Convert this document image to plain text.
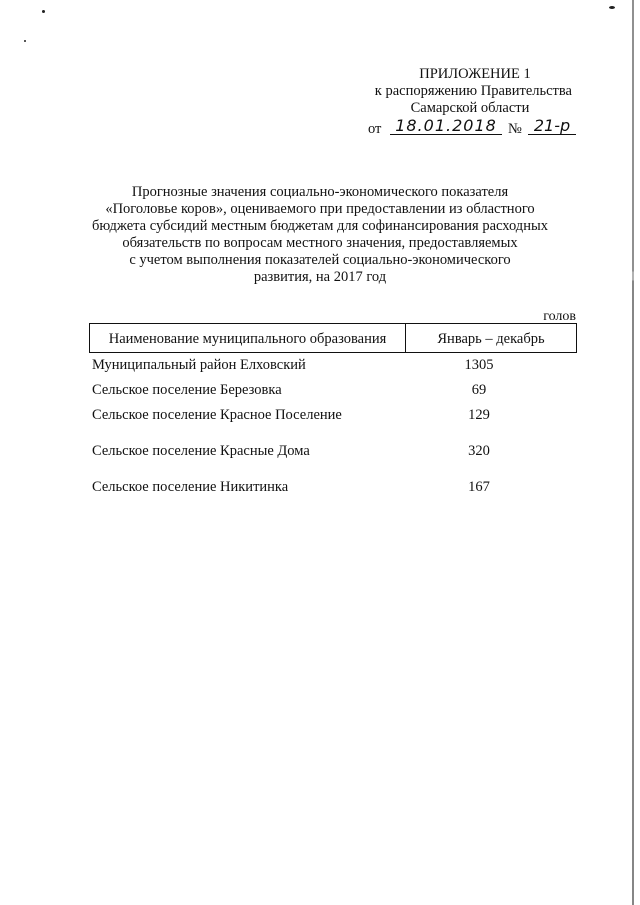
ПРИЛОЖЕНИЕ 1
к распоряжению Правительства
Самарской области
от 18.01.2018 № 21-р
Прогнозные значения социально-экономического показателя
«Поголовье коров», оцениваемого при предоставлении из областного
бюджета субсидий местным бюджетам для софинансирования расходных
обязательств по вопросам местного значения, предоставляемых
с учетом выполнения показателей социально-экономического
развития, на 2017 год
голов
Наименование муниципального образования	Январь – декабрь
Муниципальный район Елховский	1305
Сельское поселение Березовка	69
Сельское поселение Красное Поселение	129
Сельское поселение Красные Дома	320
Сельское поселение Никитинка	167
